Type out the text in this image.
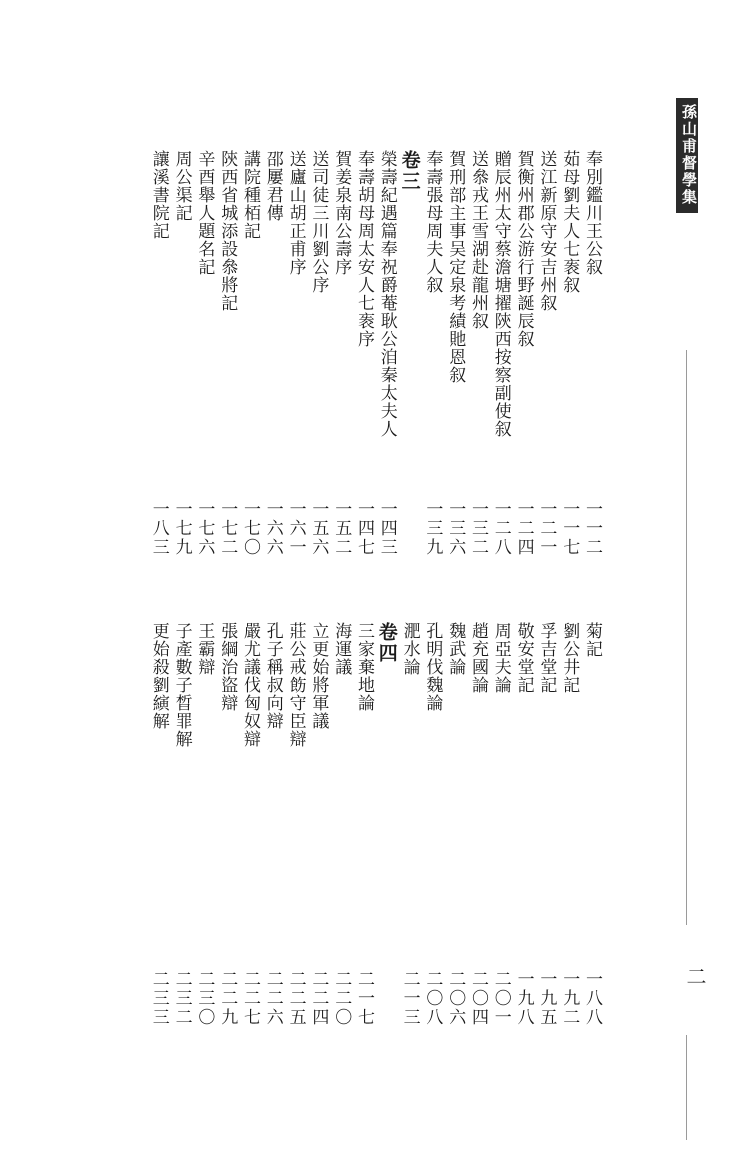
孫山甫督學集
二
奉別鑑川王公叙
一一二
茹母劉夫人七袠叙
一一七
送江新原守安吉州叙
一二一
賀衡州郡公游行野誕辰叙
一二四
贈辰州太守蔡澹塘擢陝西按察副使叙
一二八
送叅戎王雪湖赴龍州叙
一三二
賀刑部主事吴定泉考績貤恩叙
一三六
奉壽張母周夫人叙
一三九
卷三
榮壽紀遇篇奉祝爵菴耿公洎秦太夫人
一四三
奉壽胡母周太安人七袠序
一四七
賀姜泉南公壽序
一五二
送司徒三川劉公序
一五六
送廬山胡正甫序
一六一
邵屢君傳
一六六
講院種栢記
一七〇
陝西省城添設叅將記
一七二
辛酉舉人題名記
一七六
周公渠記
一七九
讓溪書院記
一八三
菊記
一八八
劉公井記
一九二
孚吉堂記
一九五
敬安堂記
一九八
周亞夫論
二〇一
趙充國論
二〇四
魏武論
二〇六
孔明伐魏論
二〇八
淝水論
二一三
卷四
三家棄地論
二一七
海運議
二二〇
立更始將軍議
二二四
莊公戒飭守臣辯
二二五
孔子稱叔向辯
二二六
嚴尤議伐匈奴辯
二二七
張綱治盜辯
二二九
王霸辯
二三〇
子產數子晳罪解
二三二
更始殺劉縯解
二三三
